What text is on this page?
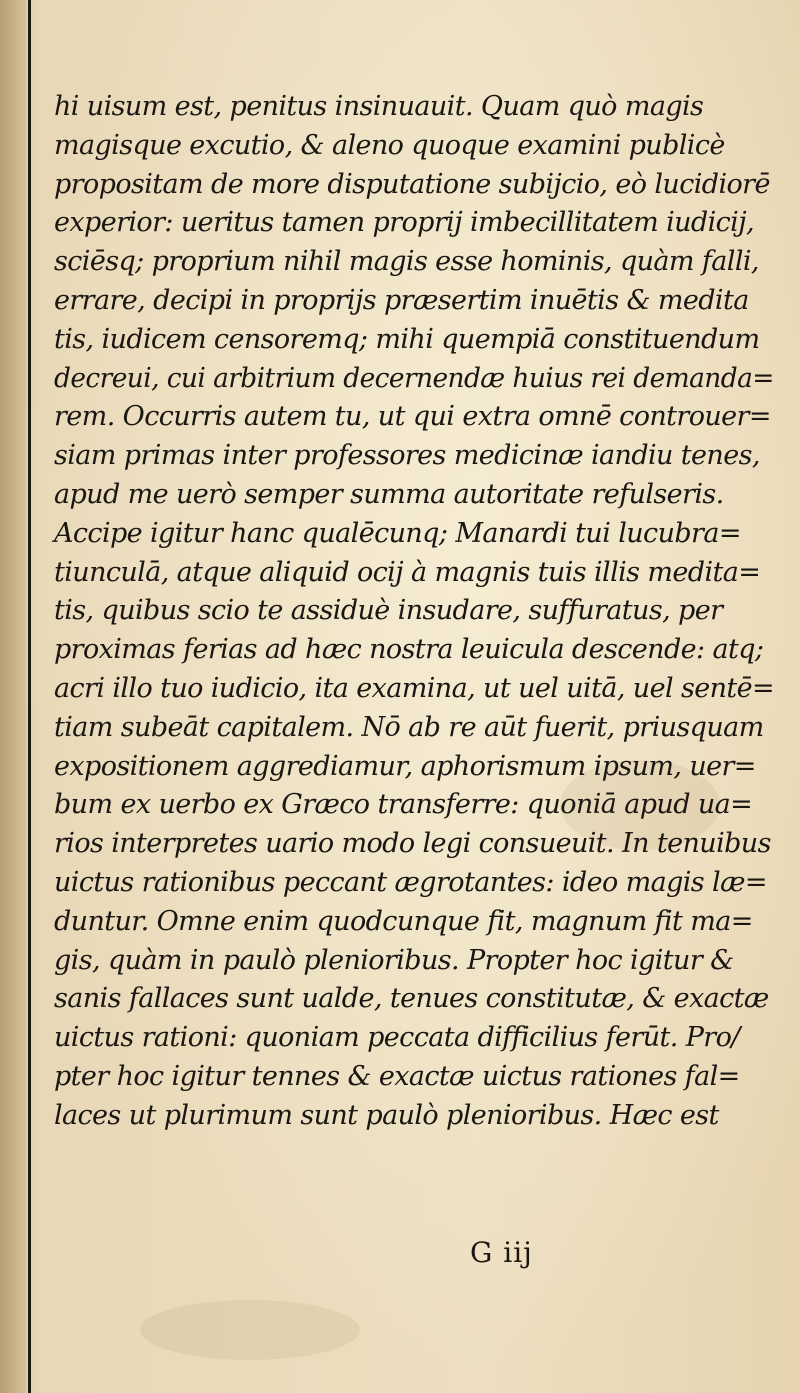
hi uisum est, penitus insinuauit. Quam quò magis
magisque excutio, & aleno quoque examini publicè
propositam de more disputatione subijcio, eò lucidiorē
experior: ueritus tamen proprij imbecillitatem iudicij,
sciēsq; proprium nihil magis esse hominis, quàm falli,
errare, decipi in proprijs præsertim inuētis & medita
tis, iudicem censoremq; mihi quempiā constituendum
decreui, cui arbitrium decernendæ huius rei demanda=
rem. Occurris autem tu, ut qui extra omnē controuer=
siam primas inter professores medicinæ iandiu tenes,
apud me uerò semper summa autoritate refulseris.
Accipe igitur hanc qualēcunq; Manardi tui lucubra=
tiunculā, atque aliquid ocij à magnis tuis illis medita=
tis, quibus scio te assiduè insudare, suffuratus, per
proximas ferias ad hæc nostra leuicula descende: atq;
acri illo tuo iudicio, ita examina, ut uel uitā, uel sentē=
tiam subeāt capitalem. Nō ab re aūt fuerit, priusquam
expositionem aggrediamur, aphorismum ipsum, uer=
bum ex uerbo ex Græco transferre: quoniā apud ua=
rios interpretes uario modo legi consueuit. In tenuibus
uictus rationibus peccant ægrotantes: ideo magis læ=
duntur. Omne enim quodcunque fit, magnum fit ma=
gis, quàm in paulò plenioribus. Propter hoc igitur &
sanis fallaces sunt ualde, tenues constitutæ, & exactæ
uictus rationi: quoniam peccata difficilius ferūt. Pro/
pter hoc igitur tennes & exactæ uictus rationes fal=
laces ut plurimum sunt paulò plenioribus. Hæc est
G iij
